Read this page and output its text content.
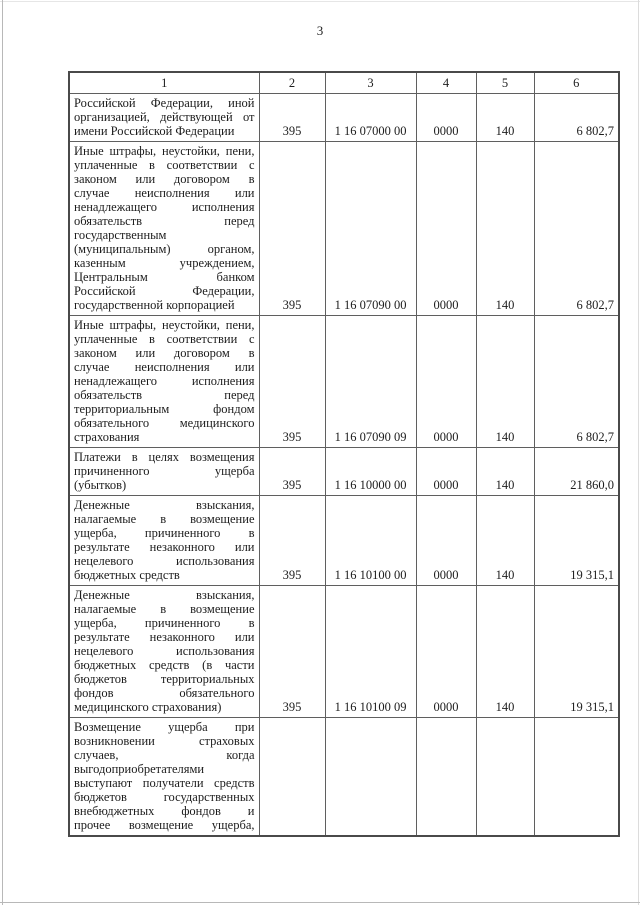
3
1	2	3	4	5	6

Российской Федерации, иной
организацией, действующей от
имени Российской Федерации	395	1 16 07000 00	0000	140	6 802,7

Иные штрафы, неустойки, пени,
уплаченные в соответствии с
законом или договором в
случае неисполнения или
ненадлежащего исполнения
обязательств перед
государственным
(муниципальным) органом,
казенным учреждением,
Центральным банком
Российской Федерации,
государственной корпорацией	395	1 16 07090 00	0000	140	6 802,7

Иные штрафы, неустойки, пени,
уплаченные в соответствии с
законом или договором в
случае неисполнения или
ненадлежащего исполнения
обязательств перед
территориальным фондом
обязательного медицинского
страхования	395	1 16 07090 09	0000	140	6 802,7

Платежи в целях возмещения
причиненного ущерба
(убытков)	395	1 16 10000 00	0000	140	21 860,0

Денежные взыскания,
налагаемые в возмещение
ущерба, причиненного в
результате незаконного или
нецелевого использования
бюджетных средств	395	1 16 10100 00	0000	140	19 315,1

Денежные взыскания,
налагаемые в возмещение
ущерба, причиненного в
результате незаконного или
нецелевого использования
бюджетных средств (в части
бюджетов территориальных
фондов обязательного
медицинского страхования)	395	1 16 10100 09	0000	140	19 315,1

Возмещение ущерба при
возникновении страховых
случаев, когда
выгодоприобретателями
выступают получатели средств
бюджетов государственных
внебюджетных фондов и
прочее возмещение ущерба,
